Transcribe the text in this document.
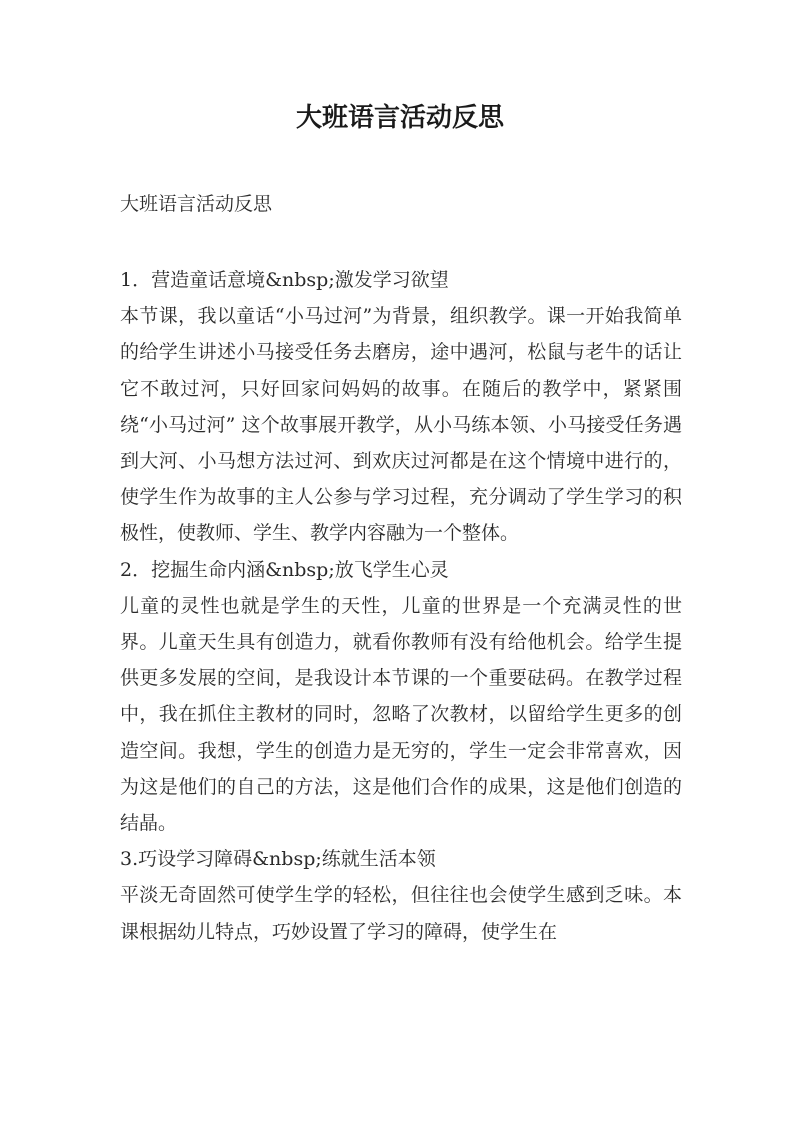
大班语言活动反思
大班语言活动反思

1．营造童话意境&nbsp;激发学习欲望

本节课，我以童话“小马过河”为背景，组织教学。课一开始我简单的给学生讲述小马接受任务去磨房，途中遇河，松鼠与老牛的话让它不敢过河，只好回家问妈妈的故事。在随后的教学中，紧紧围绕“小马过河” 这个故事展开教学，从小马练本领、小马接受任务遇到大河、小马想方法过河、到欢庆过河都是在这个情境中进行的，使学生作为故事的主人公参与学习过程，充分调动了学生学习的积极性，使教师、学生、教学内容融为一个整体。

2．挖掘生命内涵&nbsp;放飞学生心灵

儿童的灵性也就是学生的天性，儿童的世界是一个充满灵性的世界。儿童天生具有创造力，就看你教师有没有给他机会。给学生提供更多发展的空间，是我设计本节课的一个重要砝码。在教学过程中，我在抓住主教材的同时，忽略了次教材，以留给学生更多的创造空间。我想，学生的创造力是无穷的，学生一定会非常喜欢，因为这是他们的自己的方法，这是他们合作的成果，这是他们创造的结晶。

3.巧设学习障碍&nbsp;练就生活本领

平淡无奇固然可使学生学的轻松，但往往也会使学生感到乏味。本课根据幼儿特点，巧妙设置了学习的障碍，使学生在
